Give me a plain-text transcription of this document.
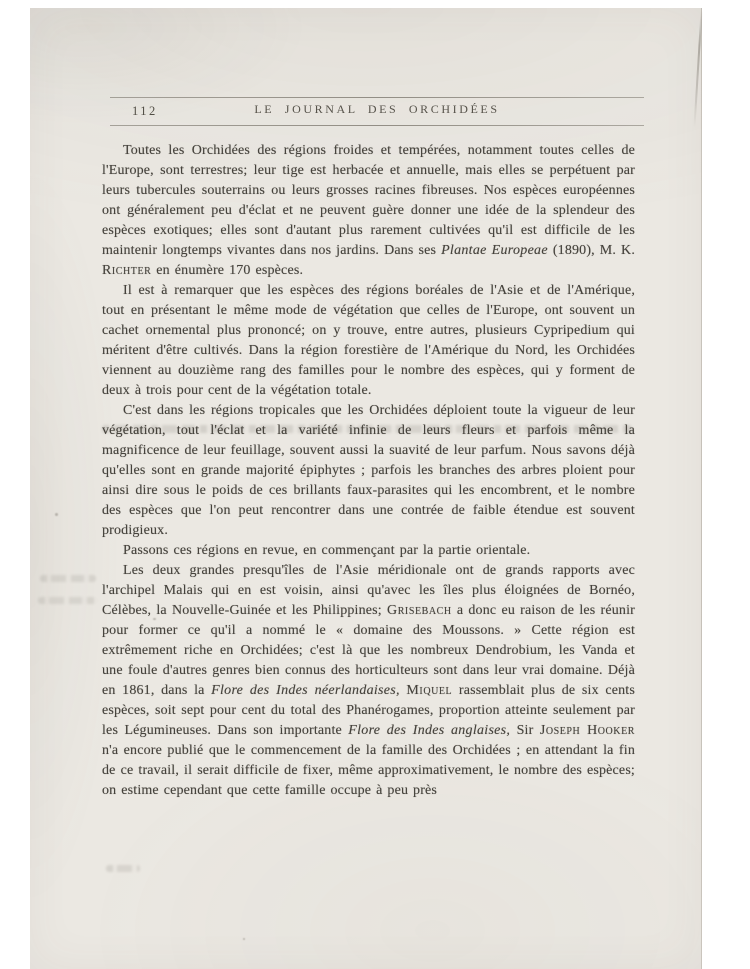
112	LE JOURNAL DES ORCHIDÉES

Toutes les Orchidées des régions froides et tempérées, notamment toutes celles de l'Europe, sont terrestres; leur tige est herbacée et annuelle, mais elles se perpétuent par leurs tubercules souterrains ou leurs grosses racines fibreuses. Nos espèces européennes ont généralement peu d'éclat et ne peuvent guère donner une idée de la splendeur des espèces exotiques; elles sont d'autant plus rarement cultivées qu'il est difficile de les maintenir longtemps vivantes dans nos jardins. Dans ses Plantae Europeae (1890), M. K. Richter en énumère 170 espèces.

Il est à remarquer que les espèces des régions boréales de l'Asie et de l'Amérique, tout en présentant le même mode de végétation que celles de l'Europe, ont souvent un cachet ornemental plus prononcé; on y trouve, entre autres, plusieurs Cypripedium qui méritent d'être cultivés. Dans la région forestière de l'Amérique du Nord, les Orchidées viennent au douzième rang des familles pour le nombre des espèces, qui y forment de deux à trois pour cent de la végétation totale.

C'est dans les régions tropicales que les Orchidées déploient toute la vigueur de leur végétation, tout l'éclat et la variété infinie de leurs fleurs et parfois même la magnificence de leur feuillage, souvent aussi la suavité de leur parfum. Nous savons déjà qu'elles sont en grande majorité épiphytes ; parfois les branches des arbres ploient pour ainsi dire sous le poids de ces brillants faux-parasites qui les encombrent, et le nombre des espèces que l'on peut rencontrer dans une contrée de faible étendue est souvent prodigieux.

Passons ces régions en revue, en commençant par la partie orientale.

Les deux grandes presqu'îles de l'Asie méridionale ont de grands rapports avec l'archipel Malais qui en est voisin, ainsi qu'avec les îles plus éloignées de Bornéo, Célèbes, la Nouvelle-Guinée et les Philippines; Grisebach a donc eu raison de les réunir pour former ce qu'il a nommé le « domaine des Moussons. » Cette région est extrêmement riche en Orchidées; c'est là que les nombreux Dendrobium, les Vanda et une foule d'autres genres bien connus des horticulteurs sont dans leur vrai domaine. Déjà en 1861, dans la Flore des Indes néerlandaises, Miquel rassemblait plus de six cents espèces, soit sept pour cent du total des Phanérogames, proportion atteinte seulement par les Légumineuses. Dans son importante Flore des Indes anglaises, Sir Joseph Hooker n'a encore publié que le commencement de la famille des Orchidées ; en attendant la fin de ce travail, il serait difficile de fixer, même approximativement, le nombre des espèces; on estime cependant que cette famille occupe à peu près
